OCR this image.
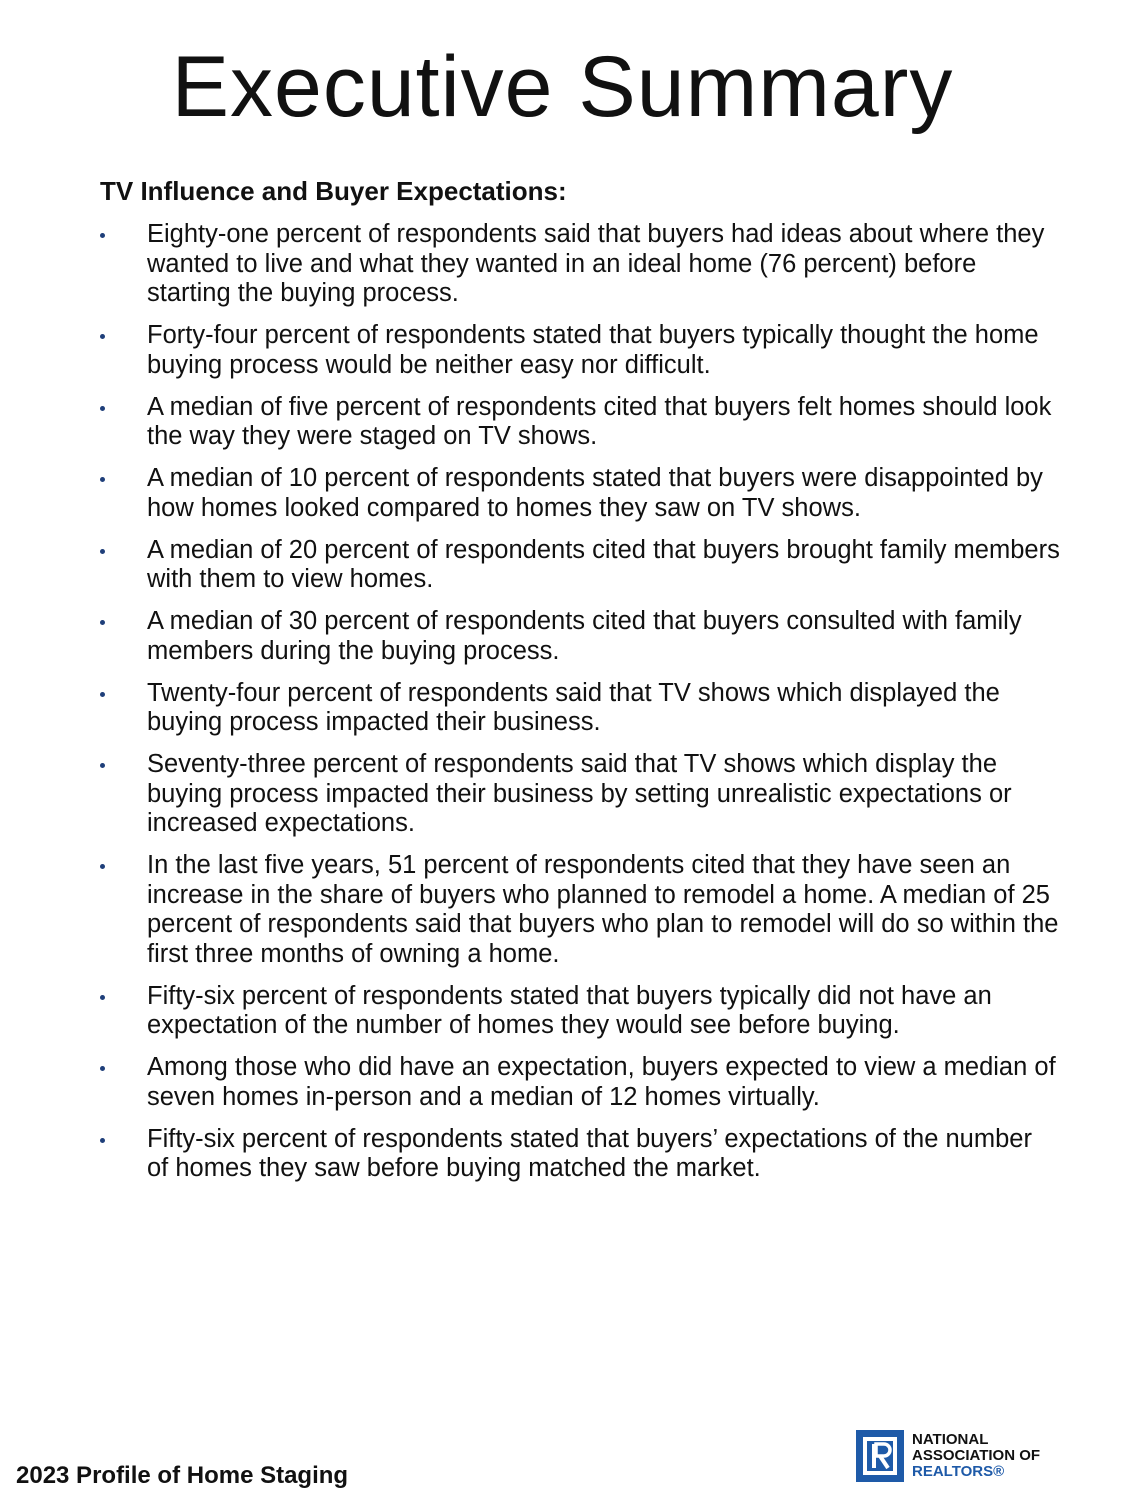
Executive Summary
TV Influence and Buyer Expectations:
Eighty-one percent of respondents said that buyers had ideas about where they wanted to live and what they wanted in an ideal home (76 percent) before starting the buying process.
Forty-four percent of respondents stated that buyers typically thought the home buying process would be neither easy nor difficult.
A median of five percent of respondents cited that buyers felt homes should look the way they were staged on TV shows.
A median of 10 percent of respondents stated that buyers were disappointed by how homes looked compared to homes they saw on TV shows.
A median of 20 percent of respondents cited that buyers brought family members with them to view homes.
A median of 30 percent of respondents cited that buyers consulted with family members during the buying process.
Twenty-four percent of respondents said that TV shows which displayed the buying process impacted their business.
Seventy-three percent of respondents said that TV shows which display the buying process impacted their business by setting unrealistic expectations or increased expectations.
In the last five years, 51 percent of respondents cited that they have seen an increase in the share of buyers who planned to remodel a home. A median of 25 percent of respondents said that buyers who plan to remodel will do so within the first three months of owning a home.
Fifty-six percent of respondents stated that buyers typically did not have an expectation of the number of homes they would see before buying.
Among those who did have an expectation, buyers expected to view a median of seven homes in-person and a median of 12 homes virtually.
Fifty-six percent of respondents stated that buyers’ expectations of the number of homes they saw before buying matched the market.
2023 Profile of Home Staging
NATIONAL
ASSOCIATION OF
REALTORS®
